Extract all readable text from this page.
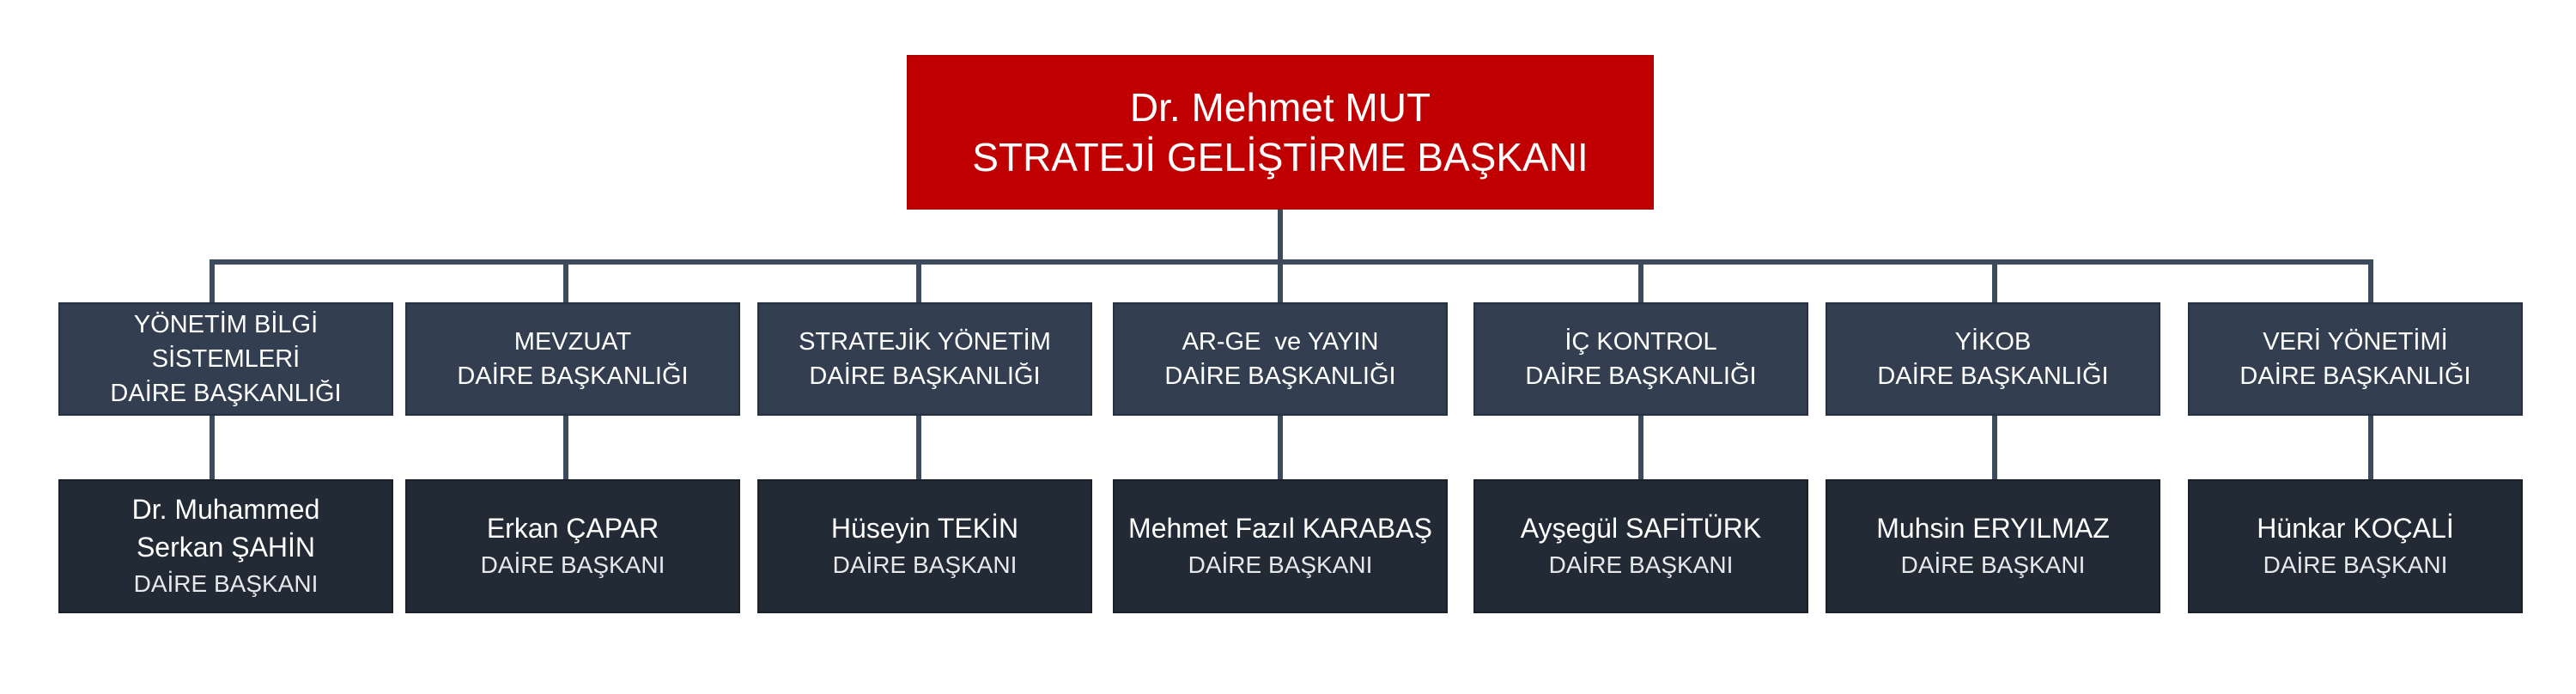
Dr. Mehmet MUT
STRATEJİ GELİŞTİRME BAŞKANI
YÖNETİM BİLGİ SİSTEMLERİ
DAİRE BAŞKANLIĞI
MEVZUAT
DAİRE BAŞKANLIĞI
STRATEJİK YÖNETİM
DAİRE BAŞKANLIĞI
AR-GE  ve YAYIN
DAİRE BAŞKANLIĞI
İÇ KONTROL
DAİRE BAŞKANLIĞI
YİKOB
DAİRE BAŞKANLIĞI
VERİ YÖNETİMİ
DAİRE BAŞKANLIĞI
Dr. Muhammed Serkan ŞAHİN
DAİRE BAŞKANI
Erkan ÇAPAR
DAİRE BAŞKANI
Hüseyin TEKİN
DAİRE BAŞKANI
Mehmet Fazıl KARABAŞ
DAİRE BAŞKANI
Ayşegül SAFİTÜRK
DAİRE BAŞKANI
Muhsin ERYILMAZ
DAİRE BAŞKANI
Hünkar KOÇALİ
DAİRE BAŞKANI
